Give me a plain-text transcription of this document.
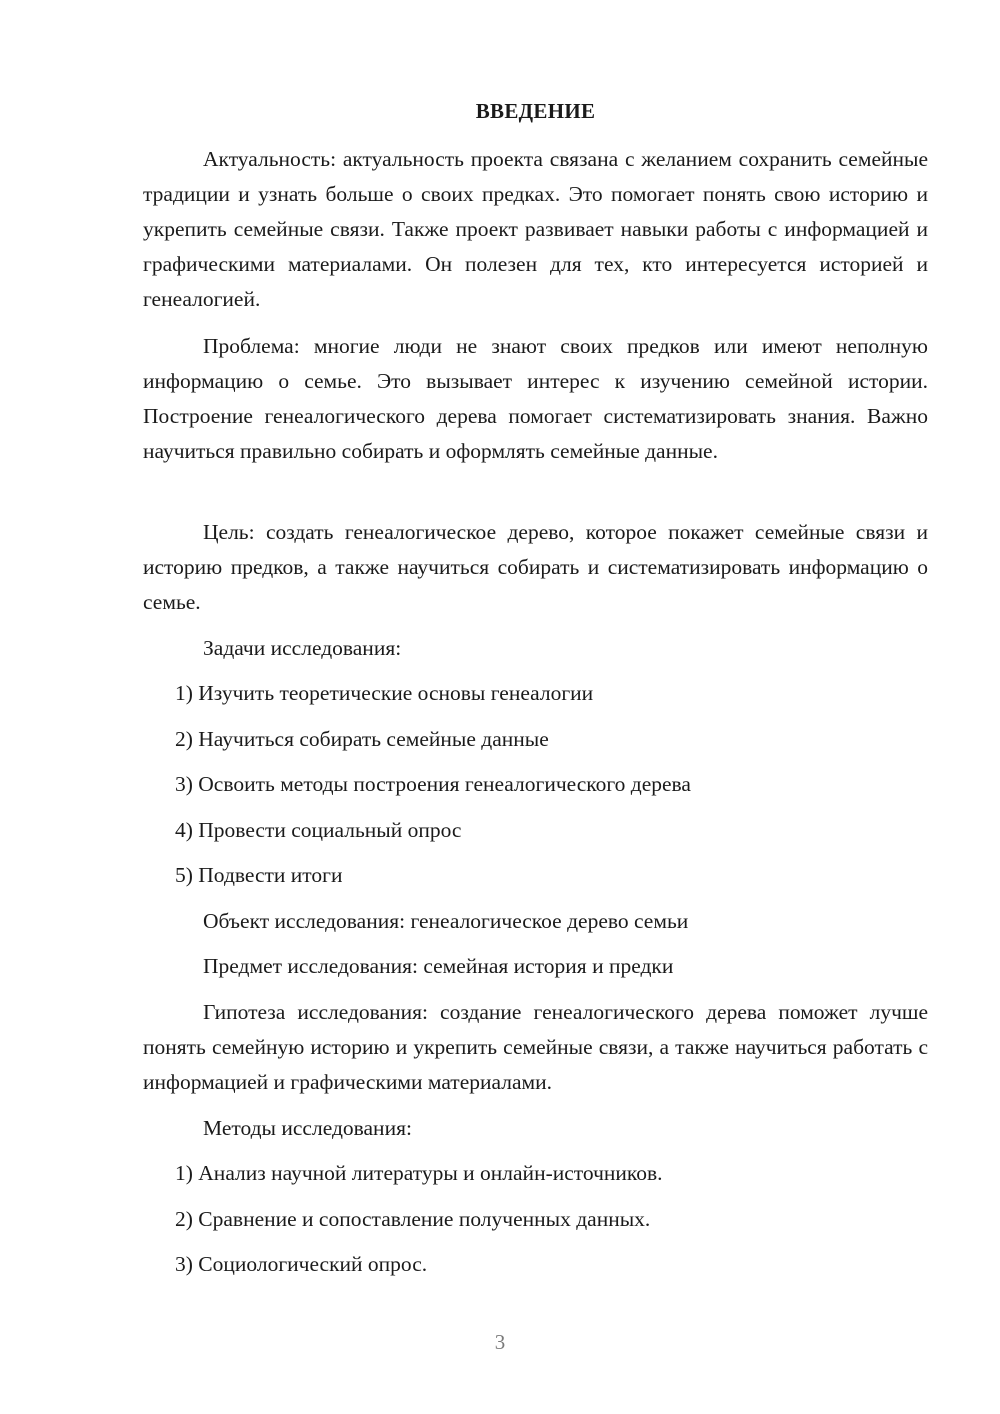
ВВЕДЕНИЕ

Актуальность: актуальность проекта связана с желанием сохранить семейные традиции и узнать больше о своих предках. Это помогает понять свою историю и укрепить семейные связи. Также проект развивает навыки работы с информацией и графическими материалами. Он полезен для тех, кто интересуется историей и генеалогией.

Проблема: многие люди не знают своих предков или имеют неполную информацию о семье. Это вызывает интерес к изучению семейной истории. Построение генеалогического дерева помогает систематизировать знания. Важно научиться правильно собирать и оформлять семейные данные.

Цель: создать генеалогическое дерево, которое покажет семейные связи и историю предков, а также научиться собирать и систематизировать информацию о семье.

Задачи исследования:

1) Изучить теоретические основы генеалогии

2) Научиться собирать семейные данные

3) Освоить методы построения генеалогического дерева

4) Провести социальный опрос

5) Подвести итоги

Объект исследования: генеалогическое дерево семьи

Предмет исследования: семейная история и предки

Гипотеза исследования: создание генеалогического дерева поможет лучше понять семейную историю и укрепить семейные связи, а также научиться работать с информацией и графическими материалами.

Методы исследования:

1) Анализ научной литературы и онлайн-источников.

2) Сравнение и сопоставление полученных данных.

3) Социологический опрос.

3
